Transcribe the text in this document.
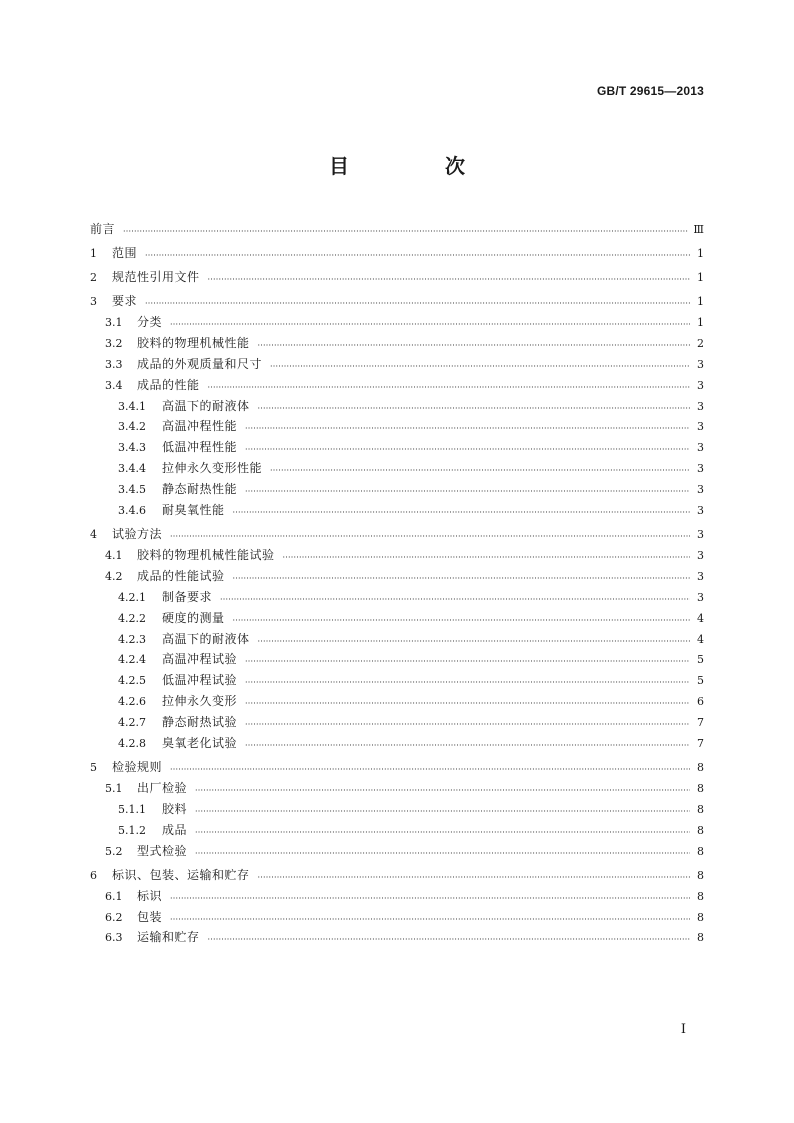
GB/T 29615—2013
目　次
前言 ·····	Ⅲ
1	范围 ·····	1
2	规范性引用文件 ·····	1
3	要求 ·····	1
3.1	分类 ·····	1
3.2	胶料的物理机械性能 ·····	2
3.3	成品的外观质量和尺寸 ·····	3
3.4	成品的性能 ·····	3
3.4.1	高温下的耐液体 ·····	3
3.4.2	高温冲程性能 ·····	3
3.4.3	低温冲程性能 ·····	3
3.4.4	拉伸永久变形性能 ·····	3
3.4.5	静态耐热性能 ·····	3
3.4.6	耐臭氧性能 ·····	3
4	试验方法 ·····	3
4.1	胶料的物理机械性能试验 ·····	3
4.2	成品的性能试验 ·····	3
4.2.1	制备要求 ·····	3
4.2.2	硬度的测量 ·····	4
4.2.3	高温下的耐液体 ·····	4
4.2.4	高温冲程试验 ·····	5
4.2.5	低温冲程试验 ·····	5
4.2.6	拉伸永久变形 ·····	6
4.2.7	静态耐热试验 ·····	7
4.2.8	臭氧老化试验 ·····	7
5	检验规则 ·····	8
5.1	出厂检验 ·····	8
5.1.1	胶料 ·····	8
5.1.2	成品 ·····	8
5.2	型式检验 ·····	8
6	标识、包装、运输和贮存 ·····	8
6.1	标识 ·····	8
6.2	包装 ·····	8
6.3	运输和贮存 ·····	8
I
